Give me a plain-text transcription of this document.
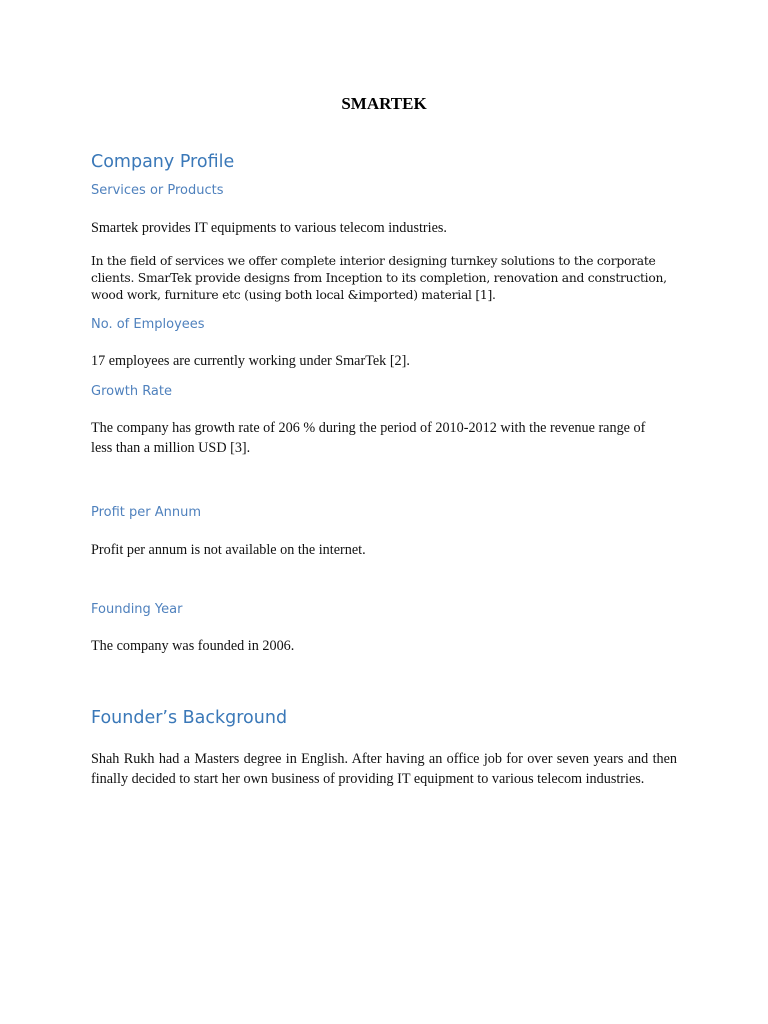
SMARTEK
Company Profile
Services or Products
Smartek provides IT equipments to various telecom industries.
In the field of services we offer complete interior designing turnkey solutions to the corporate clients. SmarTek provide designs from Inception to its completion, renovation and construction, wood work, furniture etc (using both local &imported) material [1].
No. of Employees
17 employees are currently working under SmarTek [2].
Growth Rate
The company has growth rate of 206 % during the period of 2010-2012 with the revenue range of less than a million USD [3].
Profit per Annum
Profit per annum is not available on the internet.
Founding Year
The company was founded in 2006.
Founder’s Background
Shah Rukh had a Masters degree in English. After having an office job for over seven years and then finally decided to start her own business of providing IT equipment to various telecom industries.
